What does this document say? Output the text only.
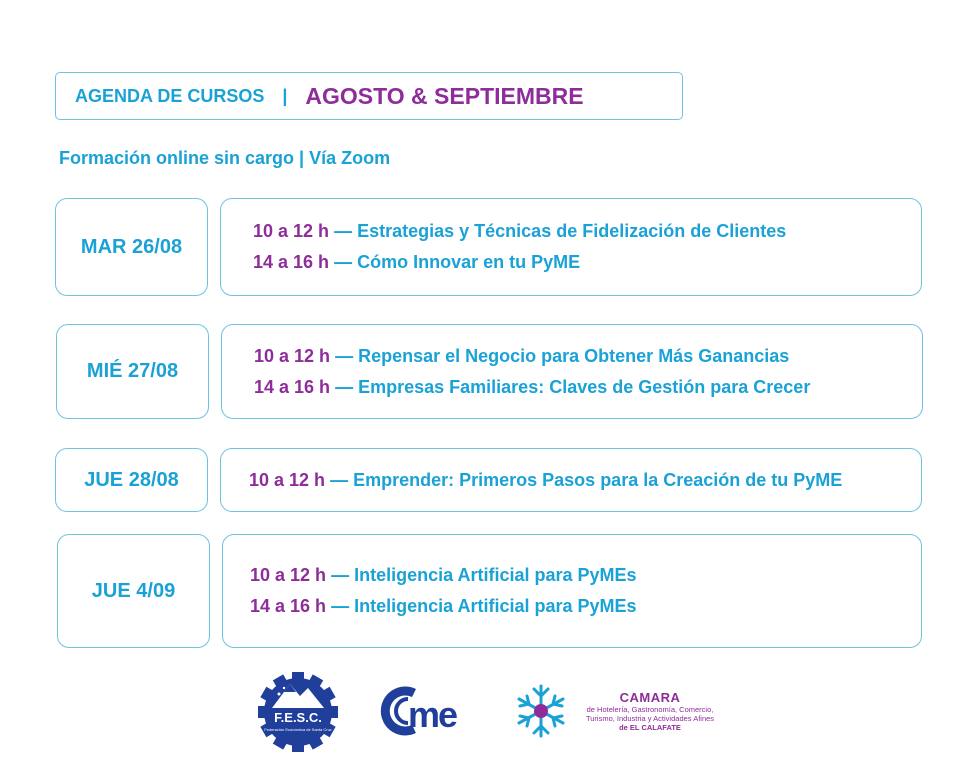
AGENDA DE CURSOS | AGOSTO & SEPTIEMBRE
Formación online sin cargo | Vía Zoom
MAR 26/08
10 a 12 h — Estrategias y Técnicas de Fidelización de Clientes
14 a 16 h — Cómo Innovar en tu PyME
MIÉ 27/08
10 a 12 h — Repensar el Negocio para Obtener Más Ganancias
14 a 16 h — Empresas Familiares: Claves de Gestión para Crecer
JUE 28/08	10 a 12 h — Emprender: Primeros Pasos para la Creación de tu PyME
JUE 4/09
10 a 12 h — Inteligencia Artificial para PyMEs
14 a 16 h — Inteligencia Artificial para PyMEs
F.E.S.C.
Federación Económica de Santa Cruz me	CAMARA
de Hotelería, Gastronomía, Comercio,
Turismo, Industria y Actividades Afines
de EL CALAFATE
